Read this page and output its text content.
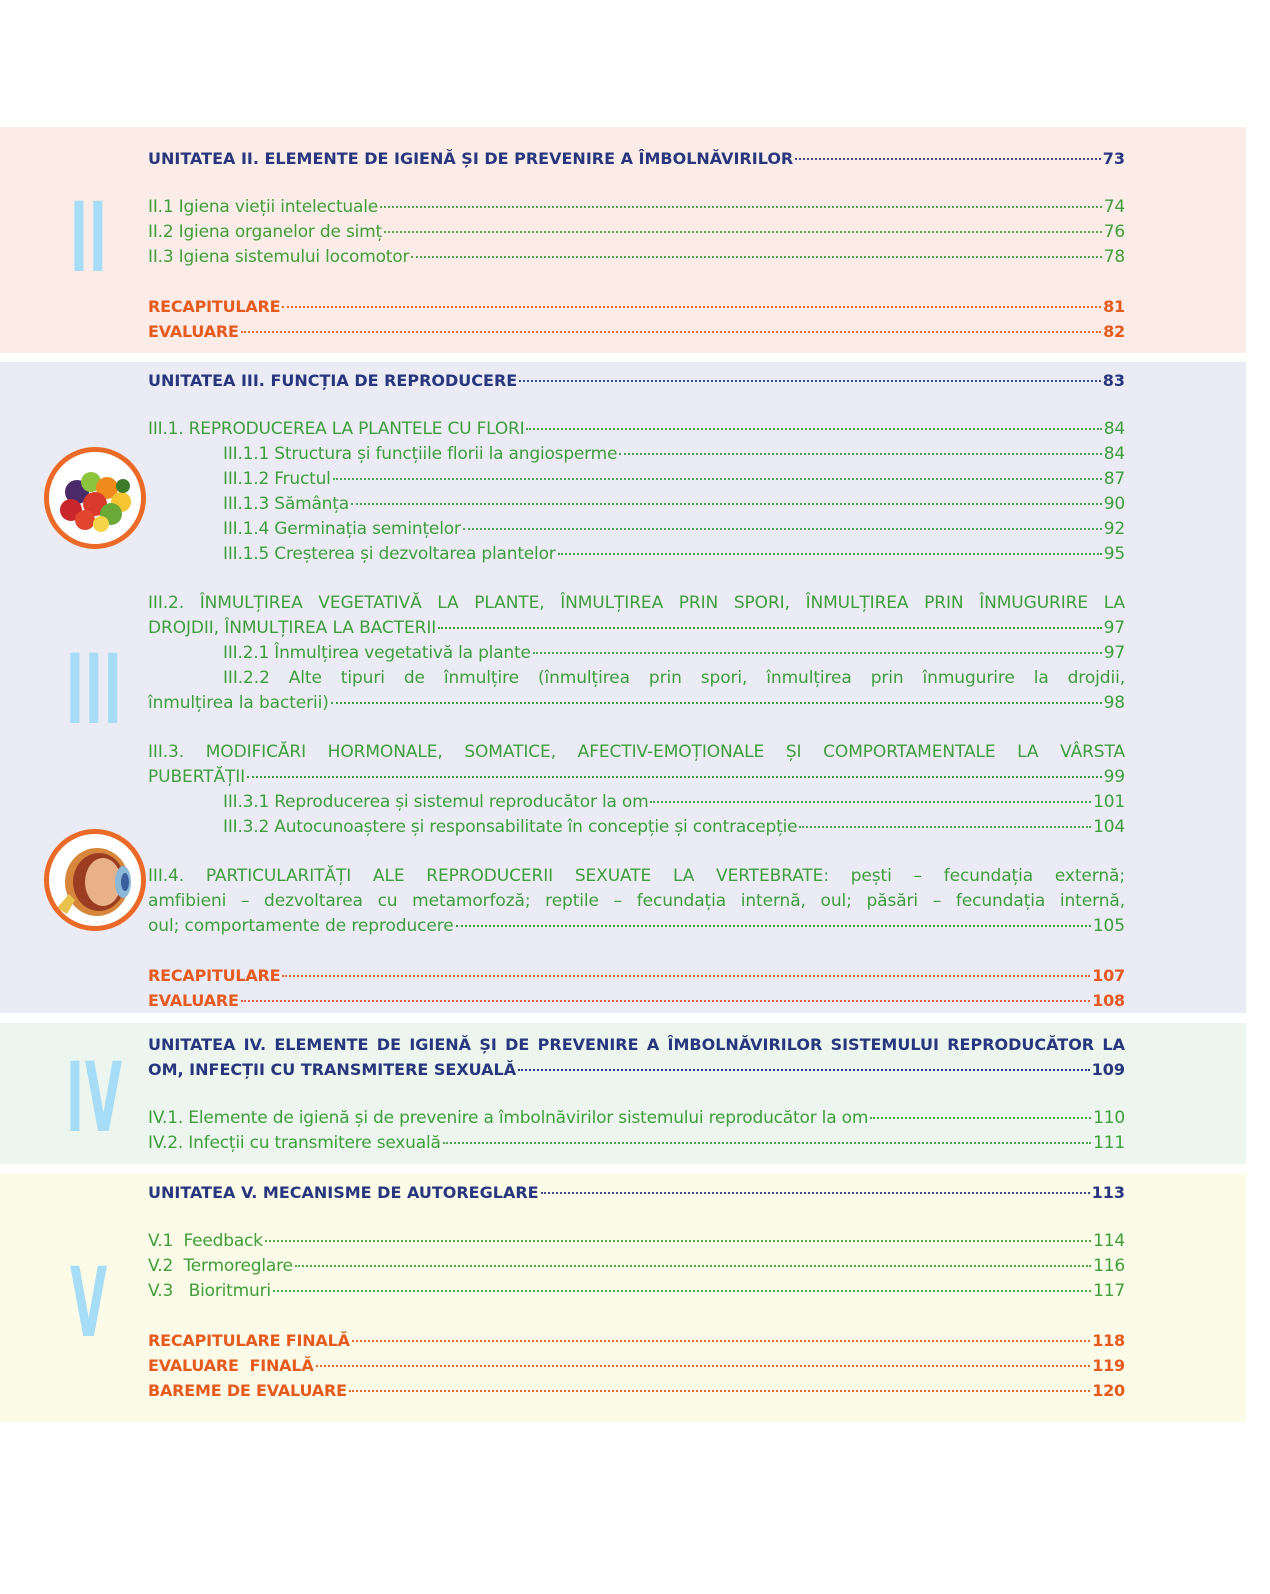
II
UNITATEA II. ELEMENTE DE IGIENĂ ȘI DE PREVENIRE A ÎMBOLNĂVIRILOR	73
II.1 Igiena vieții intelectuale	74
II.2 Igiena organelor de simț	76
II.3 Igiena sistemului locomotor	78
RECAPITULARE	81
EVALUARE	82
III
UNITATEA III. FUNCȚIA DE REPRODUCERE	83
III.1. REPRODUCEREA LA PLANTELE CU FLORI	84
III.1.1 Structura și funcțiile florii la angiosperme	84
III.1.2 Fructul	87
III.1.3 Sămânța	90
III.1.4 Germinația semințelor	92
III.1.5 Creșterea și dezvoltarea plantelor	95
III.2. ÎNMULȚIREA VEGETATIVĂ LA PLANTE, ÎNMULȚIREA PRIN SPORI, ÎNMULȚIREA PRIN ÎNMUGURIRE LA
DROJDII, ÎNMULȚIREA LA BACTERII	97
III.2.1 Înmulțirea vegetativă la plante	97
III.2.2 Alte tipuri de înmulțire (înmulțirea prin spori, înmulțirea prin înmugurire la drojdii,
înmulțirea la bacterii)	98
III.3. MODIFICĂRI HORMONALE, SOMATICE, AFECTIV-EMOȚIONALE ȘI COMPORTAMENTALE LA VÂRSTA
PUBERTĂȚII	99
III.3.1 Reproducerea și sistemul reproducător la om	101
III.3.2 Autocunoaștere și responsabilitate în concepție și contracepție	104
III.4. PARTICULARITĂȚI ALE REPRODUCERII SEXUATE LA VERTEBRATE: pești – fecundația externă;
amfibieni – dezvoltarea cu metamorfoză; reptile – fecundația internă, oul; păsări – fecundația internă,
oul; comportamente de reproducere	105
RECAPITULARE	107
EVALUARE	108
IV UNITATEA IV. ELEMENTE DE IGIENĂ ȘI DE PREVENIRE A ÎMBOLNĂVIRILOR SISTEMULUI REPRODUCĂTOR LA
OM, INFECȚII CU TRANSMITERE SEXUALĂ	109
IV.1. Elemente de igienă și de prevenire a îmbolnăvirilor sistemului reproducător la om	110
IV.2. Infecții cu transmitere sexuală	111
V
UNITATEA V. MECANISME DE AUTOREGLARE	113
V.1  Feedback	114
V.2  Termoreglare	116
V.3   Bioritmuri	117
RECAPITULARE FINALĂ	118
EVALUARE  FINALĂ	119
BAREME DE EVALUARE	120
